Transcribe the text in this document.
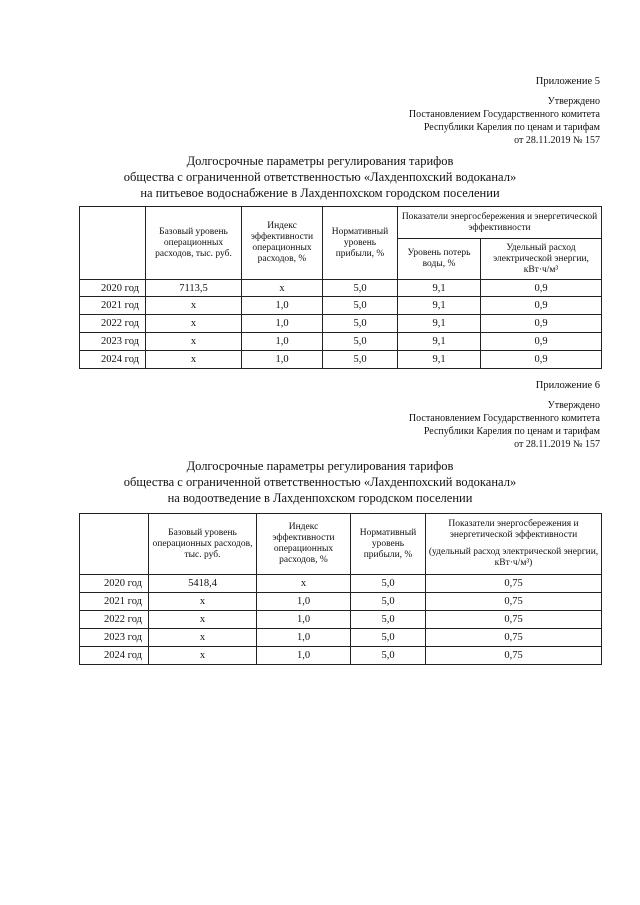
Приложение 5
Утверждено
Постановлением Государственного комитета
Республики Карелия по ценам и тарифам
от 28.11.2019 № 157
Долгосрочные параметры регулирования тарифов
общества с ограниченной ответственностью «Лахденпохский водоканал»
на питьевое водоснабжение в Лахденпохском городском поселении
	Базовый уровень операционных расходов, тыс. руб.	Индекс эффективности операционных расходов, %	Нормативный уровень прибыли, %	Показатели энергосбережения и энергетической эффективности	
				Уровень потерь воды, %	Удельный расход электрической энергии, кВт·ч/м³
2020 год	7113,5	х	5,0	9,1	0,9
2021 год	х	1,0	5,0	9,1	0,9
2022 год	х	1,0	5,0	9,1	0,9
2023 год	х	1,0	5,0	9,1	0,9
2024 год	х	1,0	5,0	9,1	0,9
Приложение 6
Утверждено
Постановлением Государственного комитета
Республики Карелия по ценам и тарифам
от 28.11.2019 № 157
Долгосрочные параметры регулирования тарифов
общества с ограниченной ответственностью «Лахденпохский водоканал»
на водоотведение в Лахденпохском городском поселении
	Базовый уровень операционных расходов, тыс. руб.	Индекс эффективности операционных расходов, %	Нормативный уровень прибыли, %	Показатели энергосбережения и энергетической эффективности
(удельный расход электрической энергии, кВт·ч/м³)

2020 год	5418,4	х	5,0	0,75
2021 год	х	1,0	5,0	0,75
2022 год	х	1,0	5,0	0,75
2023 год	х	1,0	5,0	0,75
2024 год	х	1,0	5,0	0,75
